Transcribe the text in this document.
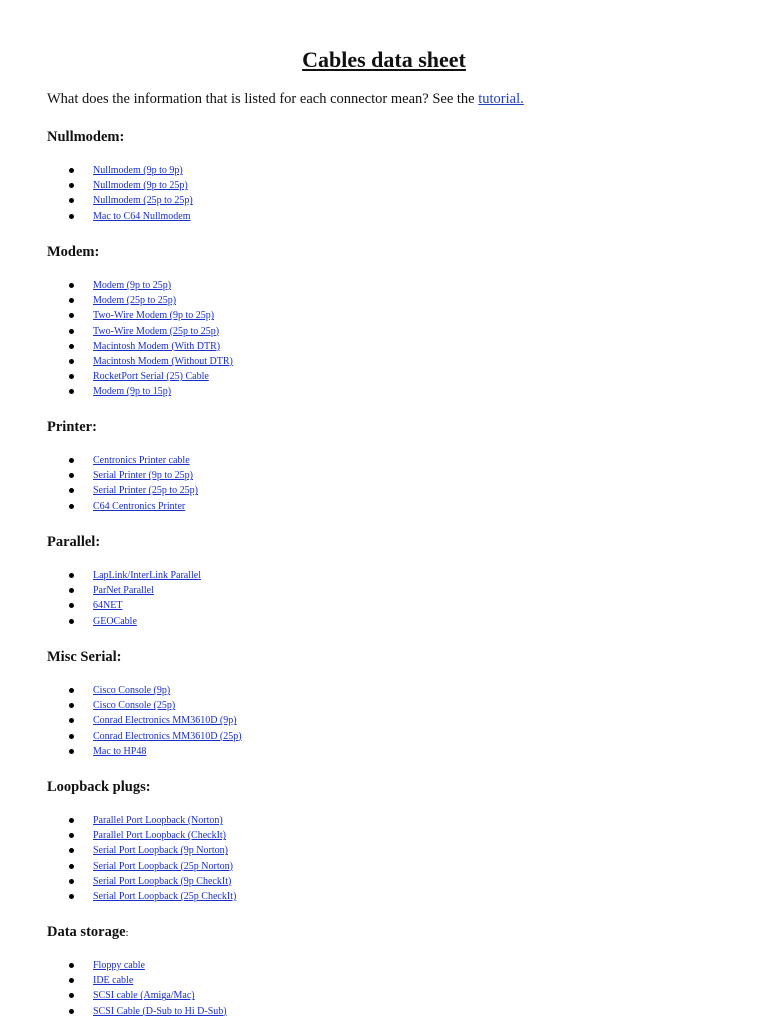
Cables data sheet
What does the information that is listed for each connector mean? See the tutorial.
Nullmodem:
Nullmodem (9p to 9p)
Nullmodem (9p to 25p)
Nullmodem (25p to 25p)
Mac to C64 Nullmodem
Modem:
Modem (9p to 25p)
Modem (25p to 25p)
Two-Wire Modem (9p to 25p)
Two-Wire Modem (25p to 25p)
Macintosh Modem (With DTR)
Macintosh Modem (Without DTR)
RocketPort Serial (25) Cable
Modem (9p to 15p)
Printer:
Centronics Printer cable
Serial Printer (9p to 25p)
Serial Printer (25p to 25p)
C64 Centronics Printer
Parallel:
LapLink/InterLink Parallel
ParNet Parallel
64NET
GEOCable
Misc Serial:
Cisco Console (9p)
Cisco Console (25p)
Conrad Electronics MM3610D (9p)
Conrad Electronics MM3610D (25p)
Mac to HP48
Loopback plugs:
Parallel Port Loopback (Norton)
Parallel Port Loopback (CheckIt)
Serial Port Loopback (9p Norton)
Serial Port Loopback (25p Norton)
Serial Port Loopback (9p CheckIt)
Serial Port Loopback (25p CheckIt)
Data storage:
Floppy cable
IDE cable
SCSI cable (Amiga/Mac)
SCSI Cable (D-Sub to Hi D-Sub)
